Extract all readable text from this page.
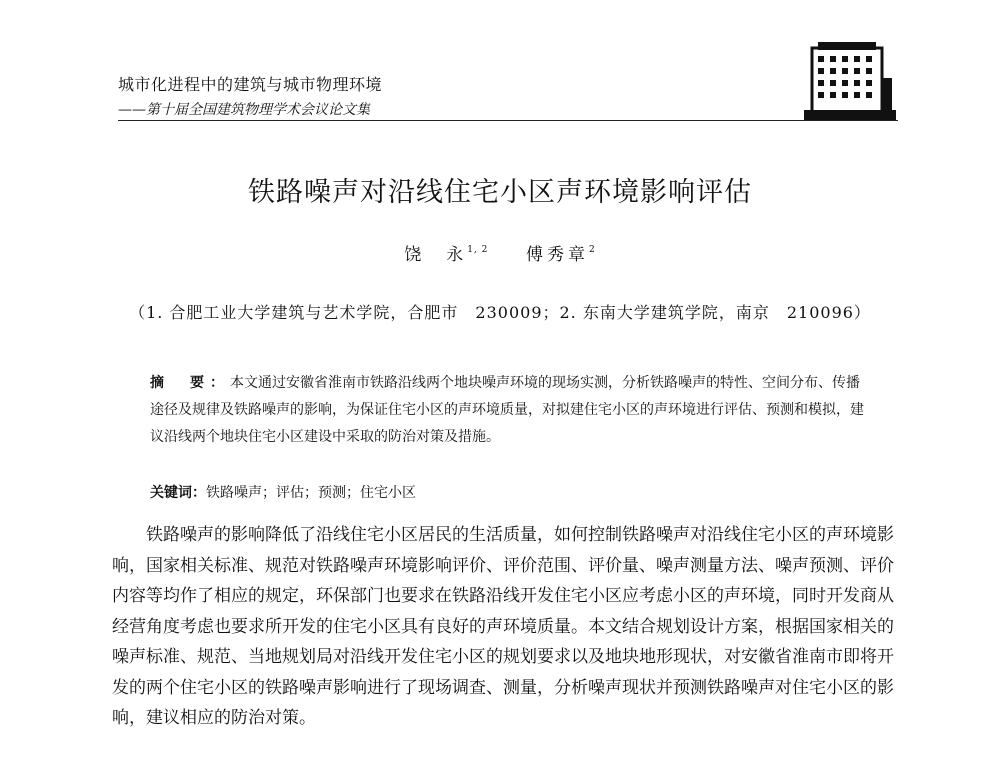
城市化进程中的建筑与城市物理环境
——第十届全国建筑物理学术会议论文集
铁路噪声对沿线住宅小区声环境影响评估
饶　永$^{1, 2}$ 傅秀章$^2$
（1. 合肥工业大学建筑与艺术学院，合肥市　230009；2. 东南大学建筑学院，南京　210096）
摘　要：本文通过安徽省淮南市铁路沿线两个地块噪声环境的现场实测，分析铁路噪声的特性、空间分布、传播途径及规律及铁路噪声的影响，为保证住宅小区的声环境质量，对拟建住宅小区的声环境进行评估、预测和模拟，建议沿线两个地块住宅小区建设中采取的防治对策及措施。
关键词：铁路噪声；评估；预测；住宅小区

铁路噪声的影响降低了沿线住宅小区居民的生活质量，如何控制铁路噪声对沿线住宅小区的声环境影响，国家相关标准、规范对铁路噪声环境影响评价、评价范围、评价量、噪声测量方法、噪声预测、评价内容等均作了相应的规定，环保部门也要求在铁路沿线开发住宅小区应考虑小区的声环境，同时开发商从经营角度考虑也要求所开发的住宅小区具有良好的声环境质量。本文结合规划设计方案，根据国家相关的噪声标准、规范、当地规划局对沿线开发住宅小区的规划要求以及地块地形现状，对安徽省淮南市即将开发的两个住宅小区的铁路噪声影响进行了现场调查、测量，分析噪声现状并预测铁路噪声对住宅小区的影响，建议相应的防治对策。
